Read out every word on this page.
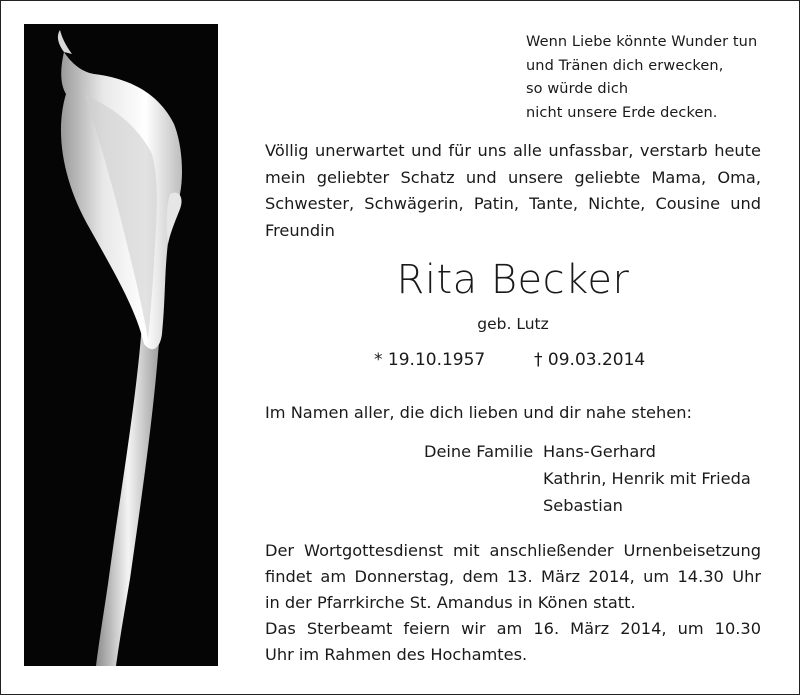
Wenn Liebe könnte Wunder tun
und Tränen dich erwecken,
so würde dich
nicht unsere Erde decken.
Völlig unerwartet und für uns alle unfassbar, verstarb heute mein geliebter Schatz und unsere geliebte Mama, Oma, Schwester, Schwägerin, Patin, Tante, Nichte, Cousine und Freundin
Rita Becker
geb. Lutz
* 19.10.1957	† 09.03.2014
Im Namen aller, die dich lieben und dir nahe stehen:
Deine Familie Hans-Gerhard
Kathrin, Henrik mit Frieda
Sebastian
Der Wortgottesdienst mit anschließender Urnenbeisetzung
findet am Donnerstag, dem 13. März 2014, um 14.30 Uhr
in der Pfarrkirche St. Amandus in Könen statt.
Das Sterbeamt feiern wir am 16. März 2014, um 10.30
Uhr im Rahmen des Hochamtes.
